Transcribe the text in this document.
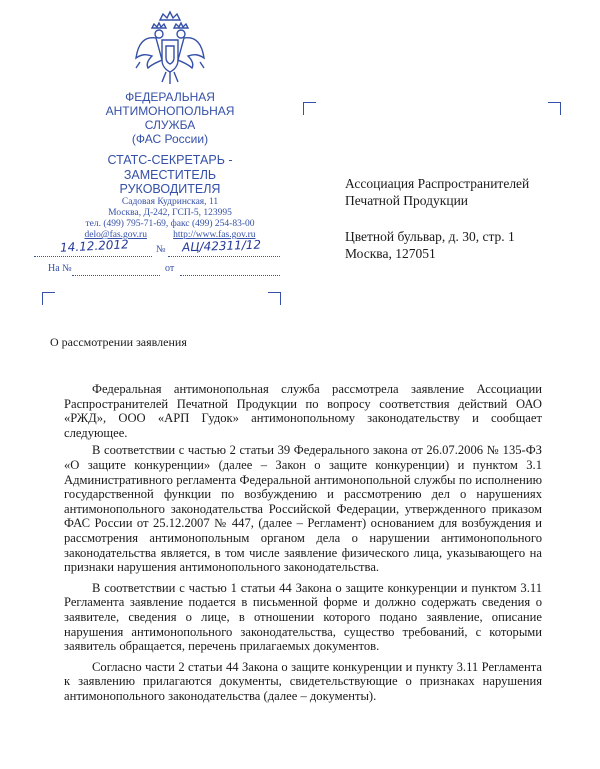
ФЕДЕРАЛЬНАЯ
АНТИМОНОПОЛЬНАЯ
СЛУЖБА
(ФАС России)
СТАТС-СЕКРЕТАРЬ -
ЗАМЕСТИТЕЛЬ
РУКОВОДИТЕЛЯ
Садовая Кудринская, 11
Москва, Д-242, ГСП-5, 123995
тел. (499) 795-71-69, факс (499) 254-83-00
delo@fas.gov.ru	http://www.fas.gov.ru
14.12.2012	№ АЦ/42311/12
На №	от
Ассоциация Распространителей
Печатной Продукции
Цветной бульвар, д. 30, стр. 1
Москва, 127051
О рассмотрении заявления

Федеральная антимонопольная служба рассмотрела заявление Ассоциации Распространителей Печатной Продукции по вопросу соответствия действий ОАО «РЖД», ООО «АРП Гудок» антимонопольному законодательству и сообщает следующее.

В соответствии с частью 2 статьи 39 Федерального закона от 26.07.2006 № 135-ФЗ «О защите конкуренции» (далее – Закон о защите конкуренции) и пунктом 3.1 Административного регламента Федеральной антимонопольной службы по исполнению государственной функции по возбуждению и рассмотрению дел о нарушениях антимонопольного законодательства Российской Федерации, утвержденного приказом ФАС России от 25.12.2007 № 447, (далее – Регламент) основанием для возбуждения и рассмотрения антимонопольным органом дела о нарушении антимонопольного законодательства является, в том числе заявление физического лица, указывающего на признаки нарушения антимонопольного законодательства.

В соответствии с частью 1 статьи 44 Закона о защите конкуренции и пунктом 3.11 Регламента заявление подается в письменной форме и должно содержать сведения о заявителе, сведения о лице, в отношении которого подано заявление, описание нарушения антимонопольного законодательства, существо требований, с которыми заявитель обращается, перечень прилагаемых документов.

Согласно части 2 статьи 44 Закона о защите конкуренции и пункту 3.11 Регламента к заявлению прилагаются документы, свидетельствующие о признаках нарушения антимонопольного законодательства (далее – документы).
